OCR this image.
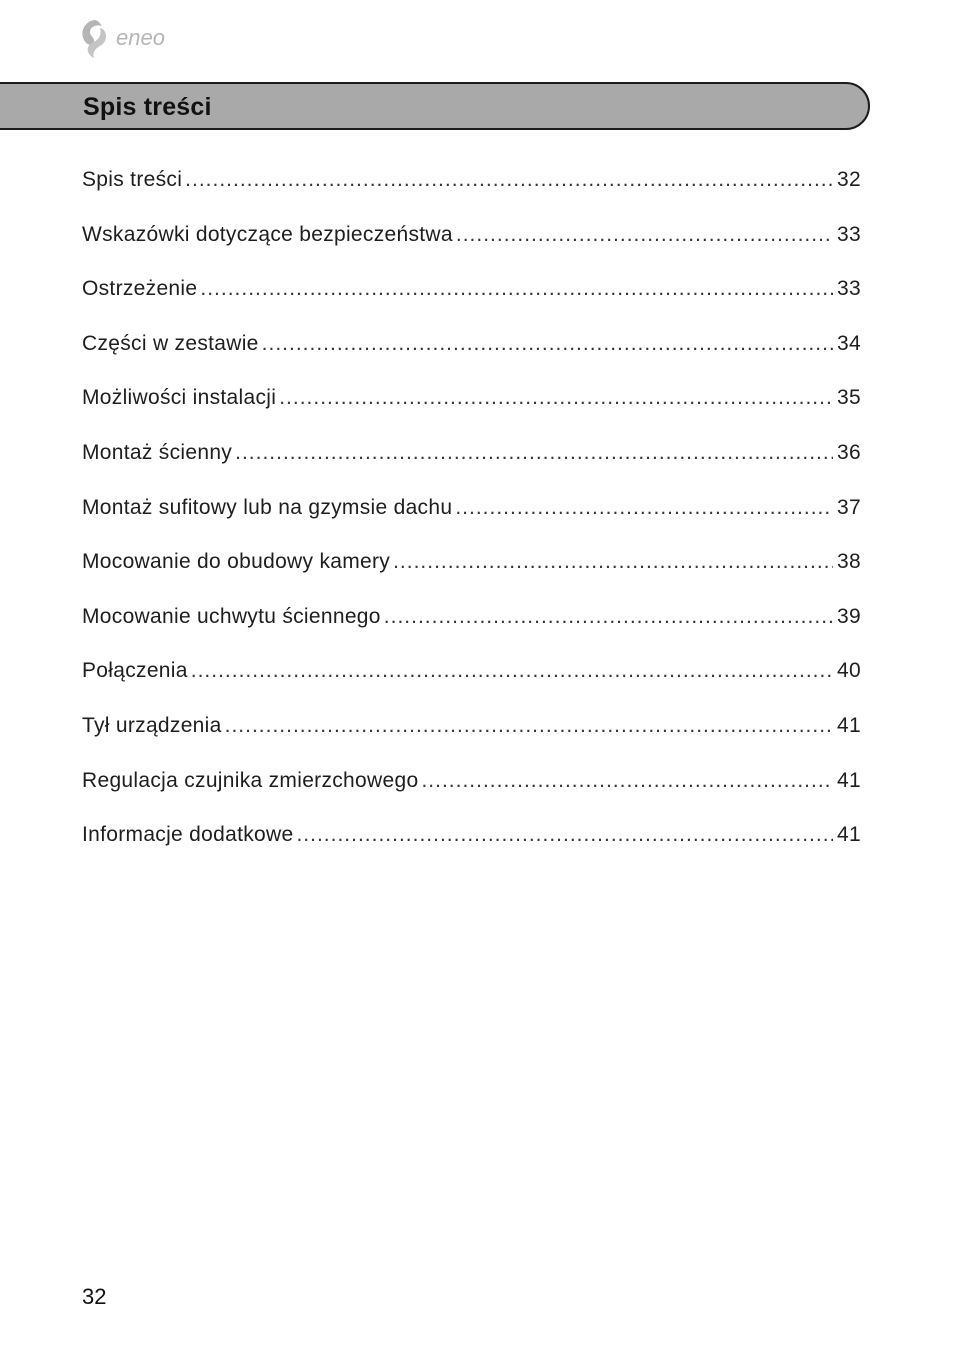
eneo
Spis treści
Spis treści .....	32
Wskazówki dotyczące bezpieczeństwa .....	33
Ostrzeżenie .....	33
Części w zestawie .....	34
Możliwości instalacji .....	35
Montaż ścienny .....	36
Montaż sufitowy lub na gzymsie dachu .....	37
Mocowanie do obudowy kamery .....	38
Mocowanie uchwytu ściennego .....	39
Połączenia .....	40
Tył urządzenia .....	41
Regulacja czujnika zmierzchowego .....	41
Informacje dodatkowe .....	41
32
